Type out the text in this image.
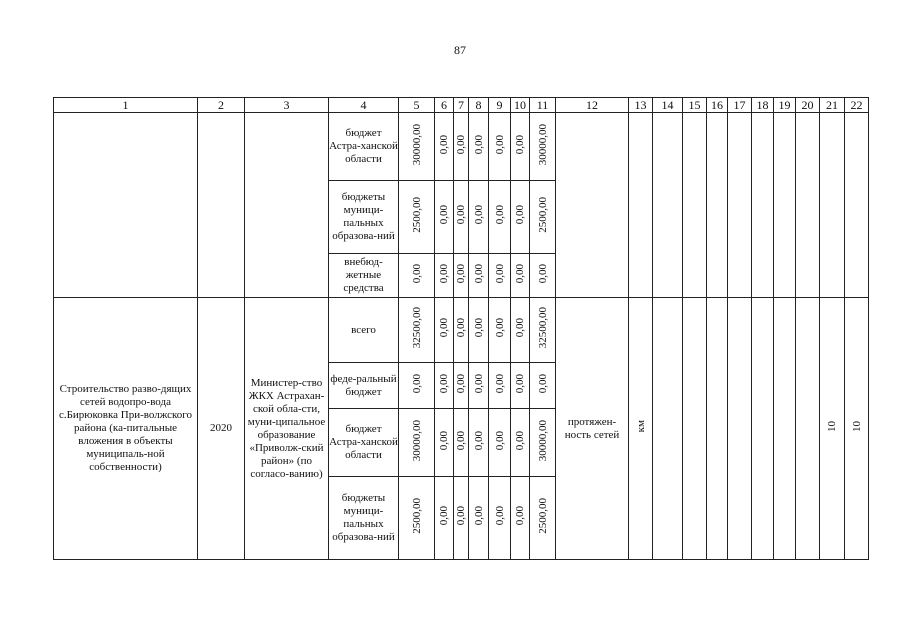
87
1	2	3	4	5	6	7	8	9	10	11	12	13	14	15	16	17	18	19	20	21	22
			бюджет Астра-ханской области	30000,00	0,00	0,00	0,00	0,00	0,00	30000,00											
			бюджеты муници-пальных образова-ний	2500,00	0,00	0,00	0,00	0,00	0,00	2500,00											
			внебюд-жетные средства	0,00	0,00	0,00	0,00	0,00	0,00	0,00											

Строительство разво-дящих сетей водопро-вода с.Бирюковка При-волжского района (ка-питальные вложения в объекты муниципаль-ной собственности)	2020	Министер-ство ЖКХ Астрахан-ской обла-сти, муни-ципальное образование «Приволж-ский район» (по согласо-ванию)	всего	32500,00	0,00	0,00	0,00	0,00	0,00	32500,00	протяжен-ность сетей	км								10	10
			феде-ральный бюджет	0,00	0,00	0,00	0,00	0,00	0,00	0,00											
			бюджет Астра-ханской области	30000,00	0,00	0,00	0,00	0,00	0,00	30000,00											
			бюджеты муници-пальных образова-ний	2500,00	0,00	0,00	0,00	0,00	0,00	2500,00											
